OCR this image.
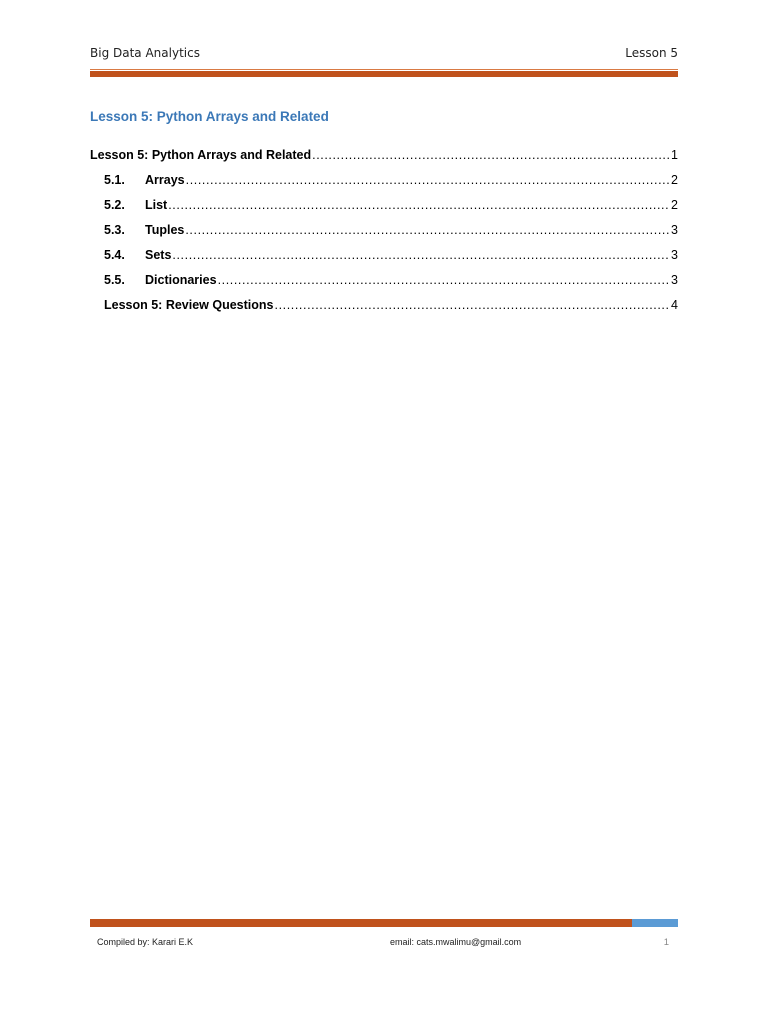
Big Data Analytics	Lesson 5
Lesson 5: Python Arrays and Related
Lesson 5: Python Arrays and Related .....	1
5.1.	Arrays .....	2
5.2.	List .....	2
5.3.	Tuples .....	3
5.4.	Sets .....	3
5.5.	Dictionaries .....	3
Lesson 5: Review Questions .....	4
Compiled by: Karari E.K	email: cats.mwalimu@gmail.com	1
